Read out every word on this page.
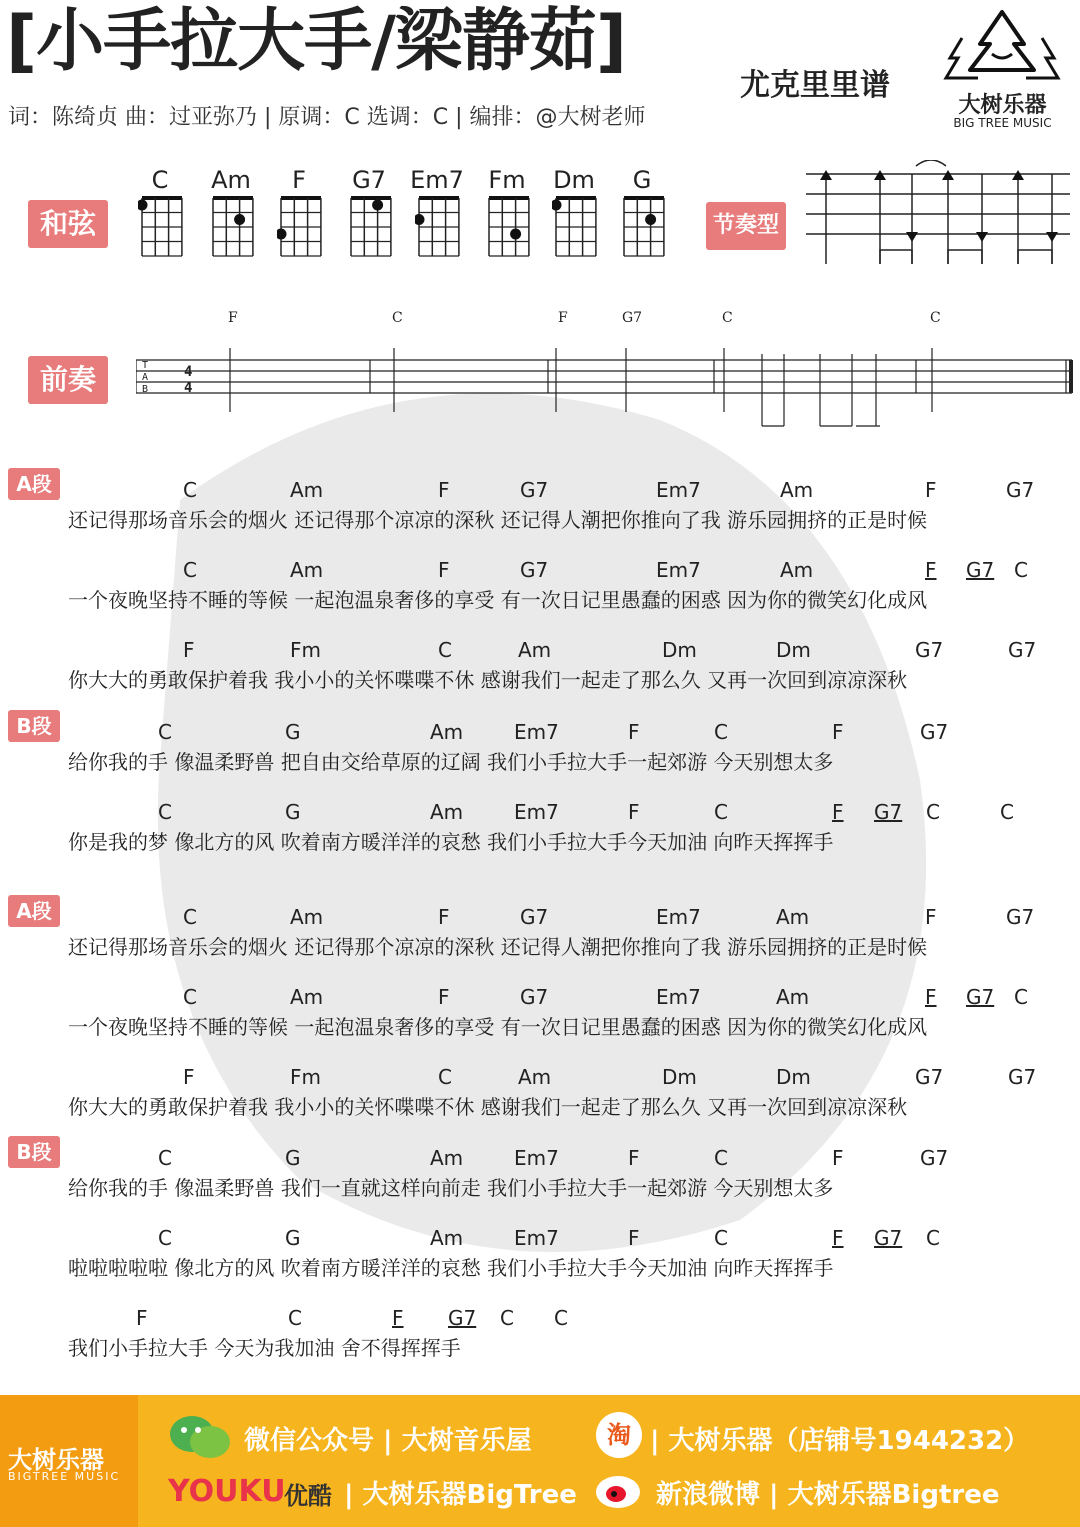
[小手拉大手/梁静茹]
尤克里里谱
词：陈绮贞 曲：过亚弥乃 | 原调：C 选调：C | 编排：@大树老师	大树乐器
BIG TREE MUSIC
和弦
C	Am	F	G7	Em7	Fm	Dm	G
节奏型
前奏
F	C	F	G7	C	C
T
A
B
4
4
A段	C	Am	F	G7	Em7	Am	F	G7
还记得那场音乐会的烟火 还记得那个凉凉的深秋 还记得人潮把你推向了我 游乐园拥挤的正是时候
C	Am	F	G7	Em7	Am	F G7 C
一个夜晚坚持不睡的等候 一起泡温泉奢侈的享受 有一次日记里愚蠢的困惑 因为你的微笑幻化成风
F	Fm	C	Am	Dm	Dm	G7	G7
你大大的勇敢保护着我 我小小的关怀喋喋不休 感谢我们一起走了那么久 又再一次回到凉凉深秋
B段	C	G	Am	Em7	F	C	F	G7
给你我的手 像温柔野兽 把自由交给草原的辽阔 我们小手拉大手一起郊游 今天别想太多
C	G	Am	Em7	F	C	F G7 C	C
你是我的梦 像北方的风 吹着南方暖洋洋的哀愁 我们小手拉大手今天加油 向昨天挥挥手
A段	C	Am	F	G7	Em7	Am	F	G7
还记得那场音乐会的烟火 还记得那个凉凉的深秋 还记得人潮把你推向了我 游乐园拥挤的正是时候
C	Am	F	G7	Em7	Am	F G7 C
一个夜晚坚持不睡的等候 一起泡温泉奢侈的享受 有一次日记里愚蠢的困惑 因为你的微笑幻化成风
F	Fm	C	Am	Dm	Dm	G7	G7
你大大的勇敢保护着我 我小小的关怀喋喋不休 感谢我们一起走了那么久 又再一次回到凉凉深秋
B段	C	G	Am	Em7	F	C	F	G7
给你我的手 像温柔野兽 我们一直就这样向前走 我们小手拉大手一起郊游 今天别想太多
C	G	Am	Em7	F	C	F G7 C
啦啦啦啦啦 像北方的风 吹着南方暖洋洋的哀愁 我们小手拉大手今天加油 向昨天挥挥手
F	C	F G7 C C
我们小手拉大手 今天为我加油 舍不得挥挥手
大树乐器
BIGTREE MUSIC
微信公众号 | 大树音乐屋	淘 | 大树乐器（店铺号1944232）
YOUKU
优酷 | 大树乐器BigTree	新浪微博 | 大树乐器Bigtree
